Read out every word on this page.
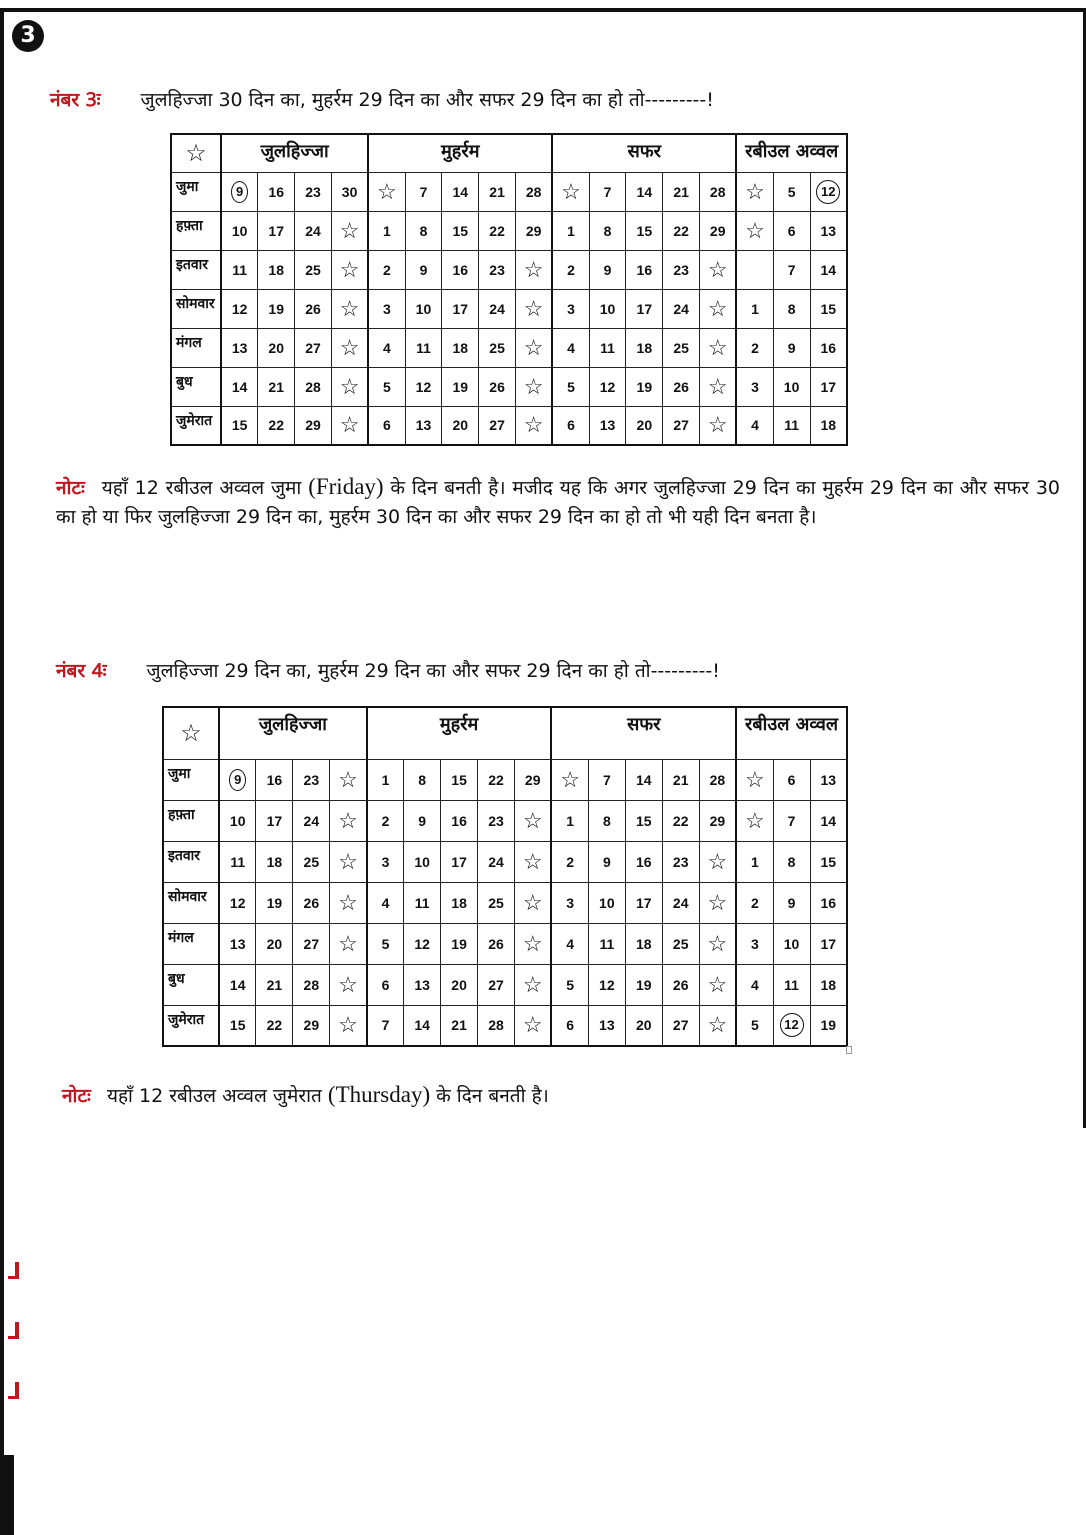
3
नंबर 3ः जुलहिज्जा 30 दिन का, मुहर्रम 29 दिन का और सफर 29 दिन का हो तो---------!
☆	जुलहिज्जा				मुहर्रम					सफर					रबीउल अव्वल		
जुमा	9	16	23	30	☆	7	14	21	28	☆	7	14	21	28	☆	5	12
हफ़्ता	10	17	24	☆	1	8	15	22	29	1	8	15	22	29	☆	6	13
इतवार	11	18	25	☆	2	9	16	23	☆	2	9	16	23	☆		7	14
सोमवार	12	19	26	☆	3	10	17	24	☆	3	10	17	24	☆	1	8	15
मंगल	13	20	27	☆	4	11	18	25	☆	4	11	18	25	☆	2	9	16
बुध	14	21	28	☆	5	12	19	26	☆	5	12	19	26	☆	3	10	17
जुमेरात	15	22	29	☆	6	13	20	27	☆	6	13	20	27	☆	4	11	18
नोटः यहाँ 12 रबीउल अव्वल जुमा (Friday) के दिन बनती है। मजीद यह कि अगर जुलहिज्जा 29 दिन का मुहर्रम 29 दिन का और सफर 30 का हो या फिर जुलहिज्जा 29 दिन का, मुहर्रम 30 दिन का और सफर 29 दिन का हो तो भी यही दिन बनता है।
नंबर 4ः जुलहिज्जा 29 दिन का, मुहर्रम 29 दिन का और सफर 29 दिन का हो तो---------!
☆	जुलहिज्जा				मुहर्रम					सफर					रबीउल अव्वल		
जुमा	9	16	23	☆	1	8	15	22	29	☆	7	14	21	28	☆	6	13
हफ़्ता	10	17	24	☆	2	9	16	23	☆	1	8	15	22	29	☆	7	14
इतवार	11	18	25	☆	3	10	17	24	☆	2	9	16	23	☆	1	8	15
सोमवार	12	19	26	☆	4	11	18	25	☆	3	10	17	24	☆	2	9	16
मंगल	13	20	27	☆	5	12	19	26	☆	4	11	18	25	☆	3	10	17
बुध	14	21	28	☆	6	13	20	27	☆	5	12	19	26	☆	4	11	18
जुमेरात	15	22	29	☆	7	14	21	28	☆	6	13	20	27	☆	5	12	19
नोटः यहाँ 12 रबीउल अव्वल जुमेरात (Thursday) के दिन बनती है।
